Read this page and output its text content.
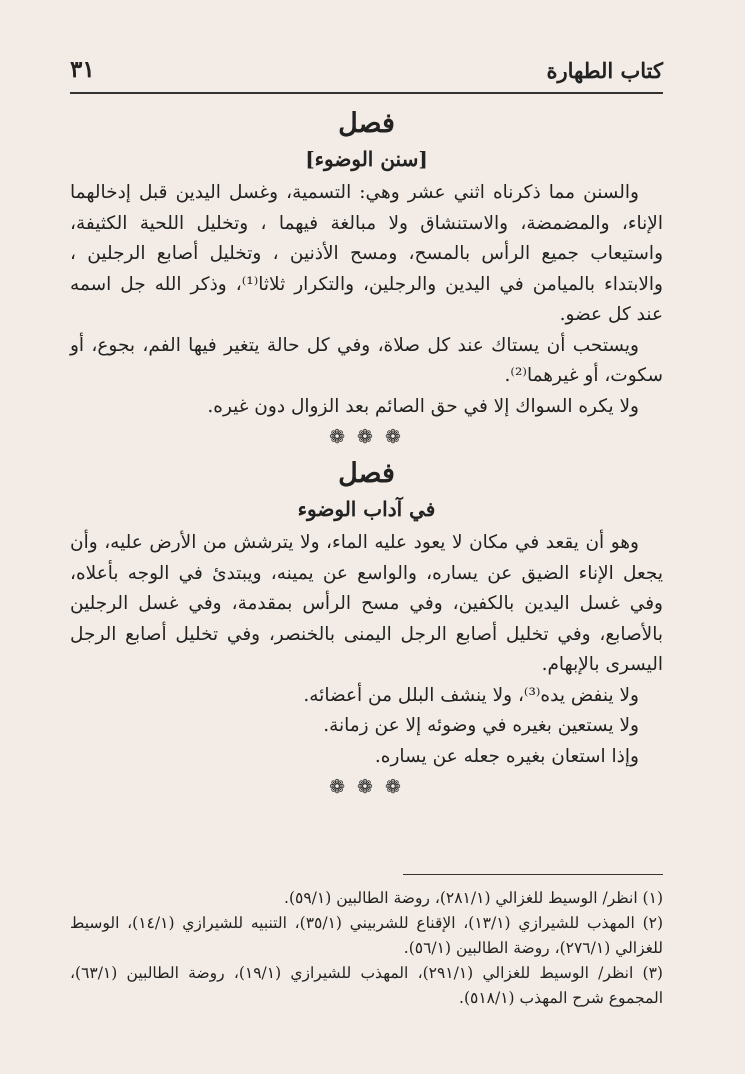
كتاب الطهارة
٣١
فصل
[سنن الوضوء]

والسنن مما ذكرناه اثني عشر وهي: التسمية، وغسل اليدين قبل إدخالهما الإناء، والمضمضة، والاستنشاق ولا مبالغة فيهما ، وتخليل اللحية الكثيفة، واستيعاب جميع الرأس بالمسح، ومسح الأذنين ، وتخليل أصابع الرجلين ، والابتداء بالميامن في اليدين والرجلين، والتكرار ثلاثا⁽¹⁾، وذكر الله جل اسمه عند كل عضو.

ويستحب أن يستاك عند كل صلاة، وفي كل حالة يتغير فيها الفم، بجوع، أو سكوت، أو غيرهما⁽²⁾.

ولا يكره السواك إلا في حق الصائم بعد الزوال دون غيره.

❁ ❁ ❁
فصل
في آداب الوضوء

وهو أن يقعد في مكان لا يعود عليه الماء، ولا يترشش من الأرض عليه، وأن يجعل الإناء الضيق عن يساره، والواسع عن يمينه، ويبتدئ في الوجه بأعلاه، وفي غسل اليدين بالكفين، وفي مسح الرأس بمقدمة، وفي غسل الرجلين بالأصابع، وفي تخليل أصابع الرجل اليمنى بالخنصر، وفي تخليل أصابع الرجل اليسرى بالإبهام.

ولا ينفض يده⁽³⁾، ولا ينشف البلل من أعضائه.

ولا يستعين بغيره في وضوئه إلا عن زمانة.

وإذا استعان بغيره جعله عن يساره.

❁ ❁ ❁

(١) انظر/ الوسيط للغزالي (٢٨١/١)، روضة الطالبين (٥٩/١).

(٢) المهذب للشيرازي (١٣/١)، الإقناع للشربيني (٣٥/١)، التنبيه للشيرازي (١٤/١)، الوسيط للغزالي (٢٧٦/١)، روضة الطالبين (٥٦/١).

(٣) انظر/ الوسيط للغزالي (٢٩١/١)، المهذب للشيرازي (١٩/١)، روضة الطالبين (٦٣/١)، المجموع شرح المهذب (٥١٨/١).
